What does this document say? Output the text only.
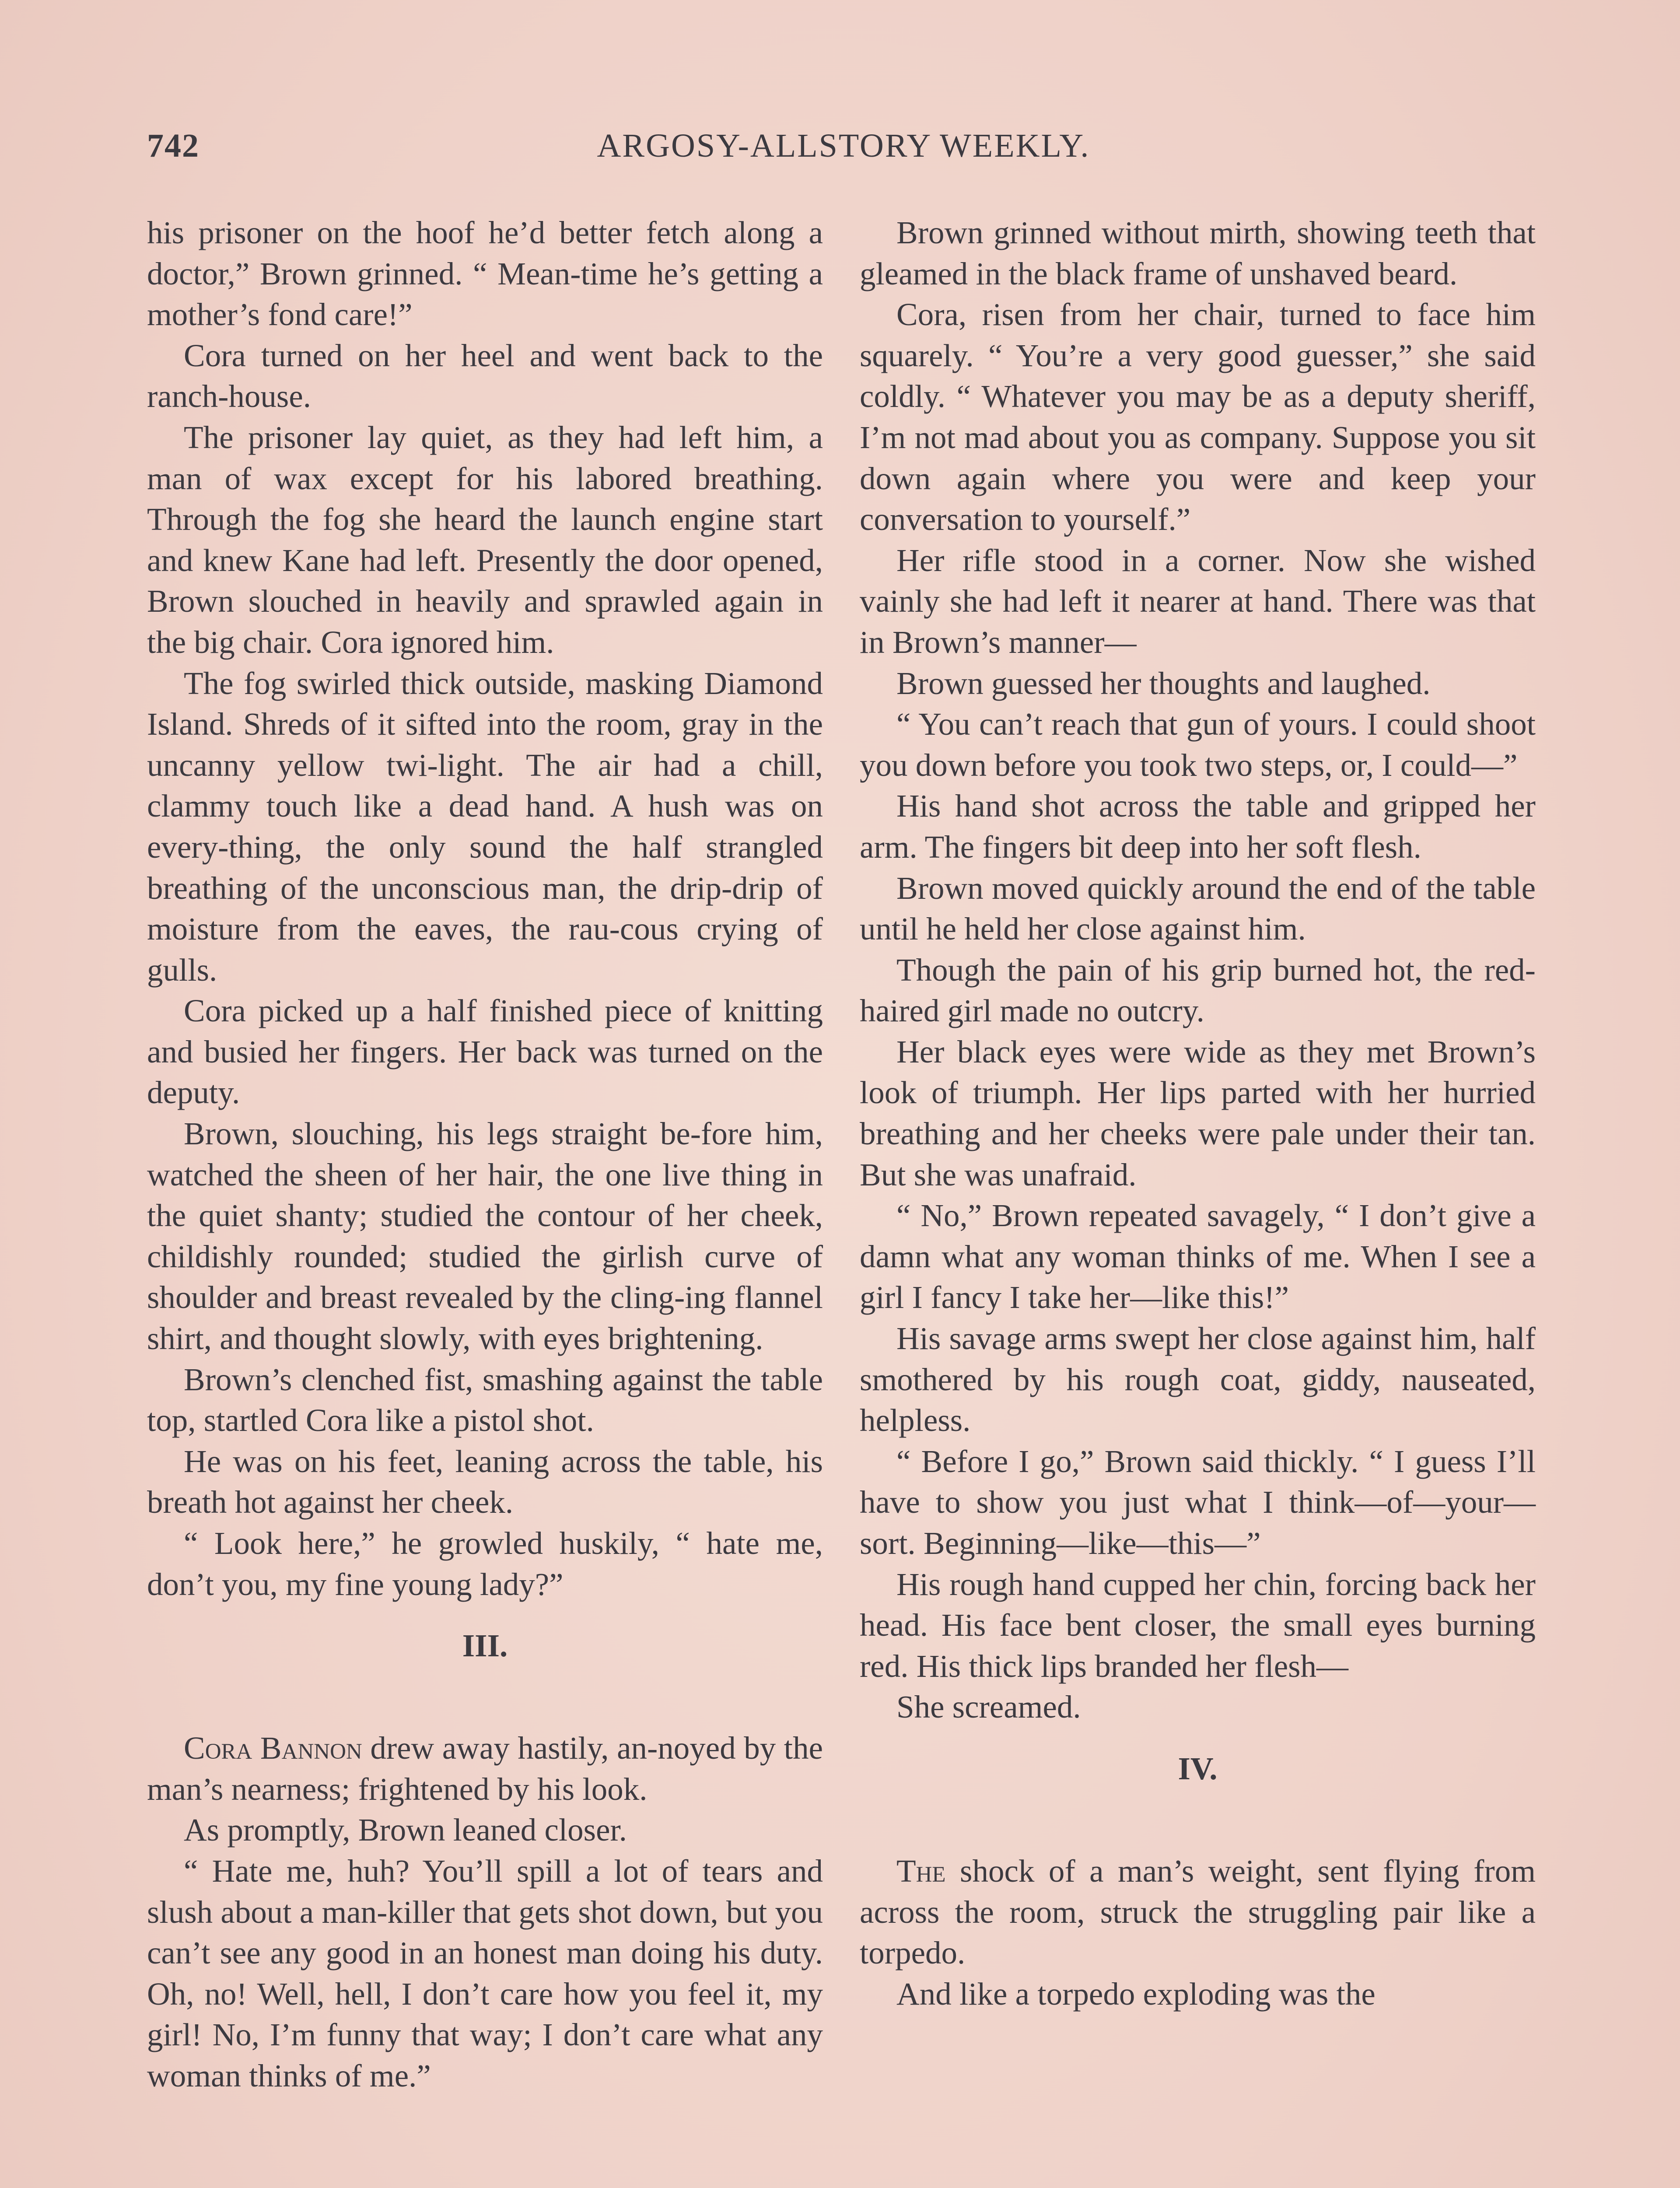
742	ARGOSY-ALLSTORY WEEKLY.

his prisoner on the hoof he’d better fetch along a doctor,” Brown grinned. “ Mean-time he’s getting a mother’s fond care!”

Cora turned on her heel and went back to the ranch-house.

The prisoner lay quiet, as they had left him, a man of wax except for his labored breathing. Through the fog she heard the launch engine start and knew Kane had left. Presently the door opened, Brown slouched in heavily and sprawled again in the big chair. Cora ignored him.

The fog swirled thick outside, masking Diamond Island. Shreds of it sifted into the room, gray in the uncanny yellow twi-light. The air had a chill, clammy touch like a dead hand. A hush was on every-thing, the only sound the half strangled breathing of the unconscious man, the drip-drip of moisture from the eaves, the rau-cous crying of gulls.

Cora picked up a half finished piece of knitting and busied her fingers. Her back was turned on the deputy.

Brown, slouching, his legs straight be-fore him, watched the sheen of her hair, the one live thing in the quiet shanty; studied the contour of her cheek, childishly rounded; studied the girlish curve of shoulder and breast revealed by the cling-ing flannel shirt, and thought slowly, with eyes brightening.

Brown’s clenched fist, smashing against the table top, startled Cora like a pistol shot.

He was on his feet, leaning across the table, his breath hot against her cheek.

“ Look here,” he growled huskily, “ hate me, don’t you, my fine young lady?”

III.

Cora Bannon drew away hastily, an-noyed by the man’s nearness; frightened by his look.

As promptly, Brown leaned closer.

“ Hate me, huh? You’ll spill a lot of tears and slush about a man-killer that gets shot down, but you can’t see any good in an honest man doing his duty. Oh, no! Well, hell, I don’t care how you feel it, my girl! No, I’m funny that way; I don’t care what any woman thinks of me.”

Brown grinned without mirth, showing teeth that gleamed in the black frame of unshaved beard.

Cora, risen from her chair, turned to face him squarely. “ You’re a very good guesser,” she said coldly. “ Whatever you may be as a deputy sheriff, I’m not mad about you as company. Suppose you sit down again where you were and keep your conversation to yourself.”

Her rifle stood in a corner. Now she wished vainly she had left it nearer at hand. There was that in Brown’s manner—

Brown guessed her thoughts and laughed.

“ You can’t reach that gun of yours. I could shoot you down before you took two steps, or, I could—”

His hand shot across the table and gripped her arm. The fingers bit deep into her soft flesh.

Brown moved quickly around the end of the table until he held her close against him.

Though the pain of his grip burned hot, the red-haired girl made no outcry.

Her black eyes were wide as they met Brown’s look of triumph. Her lips parted with her hurried breathing and her cheeks were pale under their tan. But she was unafraid.

“ No,” Brown repeated savagely, “ I don’t give a damn what any woman thinks of me. When I see a girl I fancy I take her—like this!”

His savage arms swept her close against him, half smothered by his rough coat, giddy, nauseated, helpless.

“ Before I go,” Brown said thickly. “ I guess I’ll have to show you just what I think—of—your—sort. Beginning—like—this—”

His rough hand cupped her chin, forcing back her head. His face bent closer, the small eyes burning red. His thick lips branded her flesh—

She screamed.

IV.

The shock of a man’s weight, sent flying from across the room, struck the struggling pair like a torpedo.

And like a torpedo exploding was the
